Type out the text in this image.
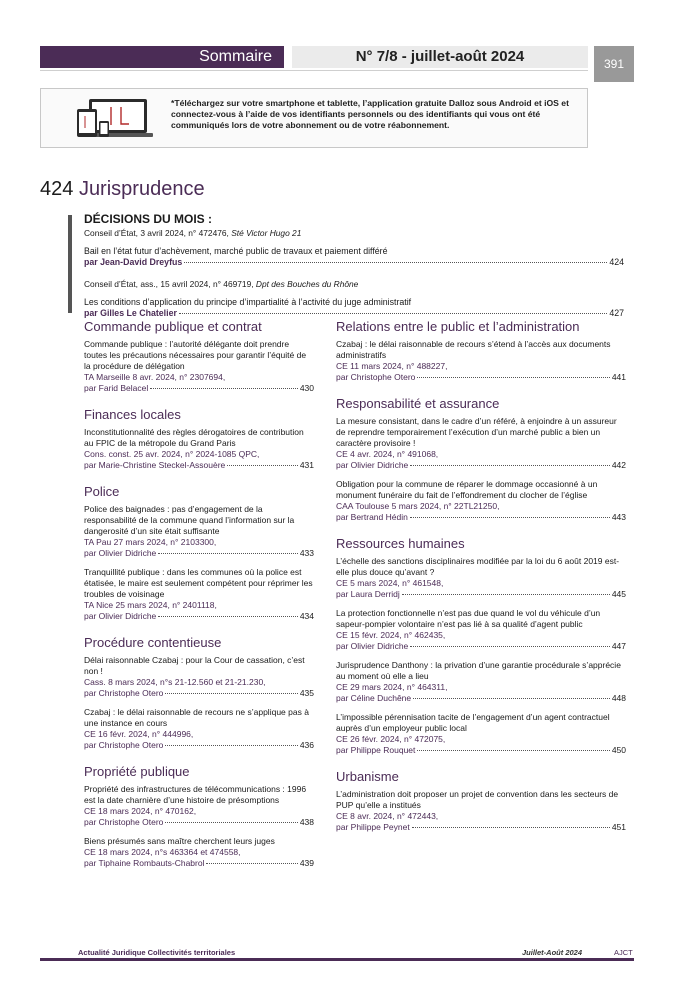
Sommaire	N° 7/8 - juillet-août 2024	391
*Téléchargez sur votre smartphone et tablette, l’application gratuite Dalloz sous Android et iOS et connectez-vous à l’aide de vos identifiants personnels ou des identifiants qui vous ont été communiqués lors de votre abonnement ou de votre réabonnement.
424 Jurisprudence
DÉCISIONS DU MOIS :
Conseil d’État, 3 avril 2024, n° 472476, Sté Victor Hugo 21
Bail en l’état futur d’achèvement, marché public de travaux et paiement différé
par Jean-David Dreyfus	424
Conseil d’État, ass., 15 avril 2024, n° 469719, Dpt des Bouches du Rhône
Les conditions d’application du principe d’impartialité à l’activité du juge administratif
par Gilles Le Chatelier	427
Commande publique et contrat
Commande publique : l’autorité délégante doit prendre toutes les précautions nécessaires pour garantir l’équité de la procédure de délégation
TA Marseille 8 avr. 2024, n° 2307694,
par Farid Belacel	430
Finances locales
Inconstitutionnalité des règles dérogatoires de contribution au FPIC de la métropole du Grand Paris
Cons. const. 25 avr. 2024, n° 2024-1085 QPC,
par Marie-Christine Steckel-Assouère	431
Police
Police des baignades : pas d’engagement de la responsabilité de la commune quand l’information sur la dangerosité d’un site était suffisante
TA Pau 27 mars 2024, n° 2103300,
par Olivier Didriche	433
Tranquillité publique : dans les communes où la police est étatisée, le maire est seulement compétent pour réprimer les troubles de voisinage
TA Nice 25 mars 2024, n° 2401118,
par Olivier Didriche	434
Procédure contentieuse
Délai raisonnable Czabaj : pour la Cour de cassation, c’est non !
Cass. 8 mars 2024, n°s 21-12.560 et 21-21.230,
par Christophe Otero	435
Czabaj : le délai raisonnable de recours ne s’applique pas à une instance en cours
CE 16 févr. 2024, n° 444996,
par Christophe Otero	436
Propriété publique
Propriété des infrastructures de télécommunications : 1996 est la date charnière d’une histoire de présomptions
CE 18 mars 2024, n° 470162,
par Christophe Otero	438
Biens présumés sans maître cherchent leurs juges
CE 18 mars 2024, n°s 463364 et 474558,
par Tiphaine Rombauts-Chabrol	439
Relations entre le public et l’administration
Czabaj : le délai raisonnable de recours s’étend à l’accès aux documents administratifs
CE 11 mars 2024, n° 488227,
par Christophe Otero	441
Responsabilité et assurance
La mesure consistant, dans le cadre d’un référé, à enjoindre à un assureur de reprendre temporairement l’exécution d’un marché public a bien un caractère provisoire !
CE 4 avr. 2024, n° 491068,
par Olivier Didriche	442
Obligation pour la commune de réparer le dommage occasionné à un monument funéraire du fait de l’effondrement du clocher de l’église
CAA Toulouse 5 mars 2024, n° 22TL21250,
par Bertrand Hédin	443
Ressources humaines
L’échelle des sanctions disciplinaires modifiée par la loi du 6 août 2019 est-elle plus douce qu’avant ?
CE 5 mars 2024, n° 461548,
par Laura Derridj	445
La protection fonctionnelle n’est pas due quand le vol du véhicule d’un sapeur-pompier volontaire n’est pas lié à sa qualité d’agent public
CE 15 févr. 2024, n° 462435,
par Olivier Didriche	447
Jurisprudence Danthony : la privation d’une garantie procédurale s’apprécie au moment où elle a lieu
CE 29 mars 2024, n° 464311,
par Céline Duchêne	448
L’impossible pérennisation tacite de l’engagement d’un agent contractuel auprès d’un employeur public local
CE 26 févr. 2024, n° 472075,
par Philippe Rouquet	450
Urbanisme
L’administration doit proposer un projet de convention dans les secteurs de PUP qu’elle a institués
CE 8 avr. 2024, n° 472443,
par Philippe Peynet	451
Actualité Juridique Collectivités territoriales	Juillet-Août 2024	AJCT
